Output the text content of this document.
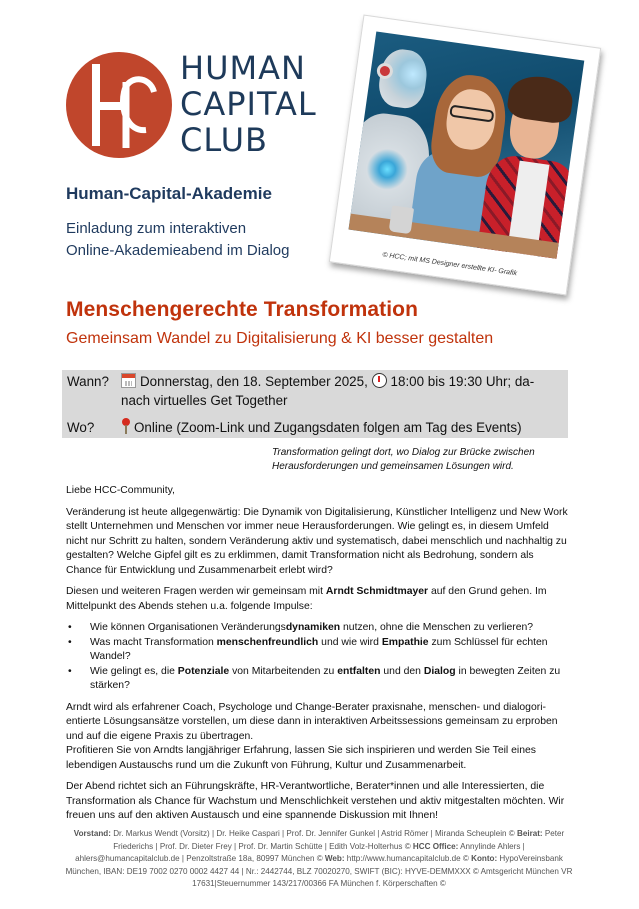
HUMAN
CAPITAL
CLUB
© HCC; mit MS Designer erstellte KI- Grafik
Human-Capital-Akademie
Einladung zum interaktiven
Online-Akademieabend im Dialog
Menschengerechte Transformation
Gemeinsam Wandel zu Digitalisierung & KI besser gestalten
Wann?	Donnerstag, den 18. September 2025, 18:00 bis 19:30 Uhr; da-
nach virtuelles Get Together
Wo?	Online (Zoom-Link und Zugangsdaten folgen am Tag des Events)
Transformation gelingt dort, wo Dialog zur Brücke zwischen Herausforderungen und gemeinsamen Lösungen wird.

Liebe HCC-Community,

Veränderung ist heute allgegenwärtig: Die Dynamik von Digitalisierung, Künstlicher Intelligenz und New Work stellt Unternehmen und Menschen vor immer neue Herausforderungen. Wie gelingt es, in diesem Umfeld nicht nur Schritt zu halten, sondern Veränderung aktiv und systematisch, dabei menschlich und nachhaltig zu gestalten? Welche Gipfel gilt es zu erklimmen, damit Transformation nicht als Bedrohung, sondern als Chance für Entwicklung und Zusammenarbeit erlebt wird?

Diesen und weiteren Fragen werden wir gemeinsam mit Arndt Schmidtmayer auf den Grund gehen. Im Mittelpunkt des Abends stehen u.a. folgende Impulse:

• Wie können Organisationen Veränderungsdynamiken nutzen, ohne die Menschen zu verlieren?
• Was macht Transformation menschenfreundlich und wie wird Empathie zum Schlüssel für echten Wandel?
• Wie gelingt es, die Potenziale von Mitarbeitenden zu entfalten und den Dialog in bewegten Zeiten zu stärken?

Arndt wird als erfahrener Coach, Psychologe und Change-Berater praxisnahe, menschen- und dialogorientierte Lösungsansätze vorstellen, um diese dann in interaktiven Arbeitssessions gemeinsam zu erproben und auf die eigene Praxis zu übertragen.

Profitieren Sie von Arndts langjähriger Erfahrung, lassen Sie sich inspirieren und werden Sie Teil eines lebendigen Austauschs rund um die Zukunft von Führung, Kultur und Zusammenarbeit.

Der Abend richtet sich an Führungskräfte, HR-Verantwortliche, Berater*innen und alle Interessierten, die Transformation als Chance für Wachstum und Menschlichkeit verstehen und aktiv mitgestalten möchten. Wir freuen uns auf den aktiven Austausch und eine spannende Diskussion mit Ihnen!

Vorstand: Dr. Markus Wendt (Vorsitz) | Dr. Heike Caspari | Prof. Dr. Jennifer Gunkel | Astrid Römer | Miranda Scheuplein © Beirat: Peter Friederichs | Prof. Dr. Dieter Frey | Prof. Dr. Martin Schütte | Edith Volz-Holterhus © HCC Office: Annylinde Ahlers | ahlers@humancapitalclub.de | Penzoltstraße 18a, 80997 München © Web: http://www.humancapitalclub.de © Konto: HypoVereinsbank München, IBAN: DE19 7002 0270 0002 4427 44 | Nr.: 2442744, BLZ 70020270, SWIFT (BIC): HYVE-DEMMXXX © Amtsgericht München VR 17631|Steuernummer 143/217/00366 FA München f. Körperschaften ©
